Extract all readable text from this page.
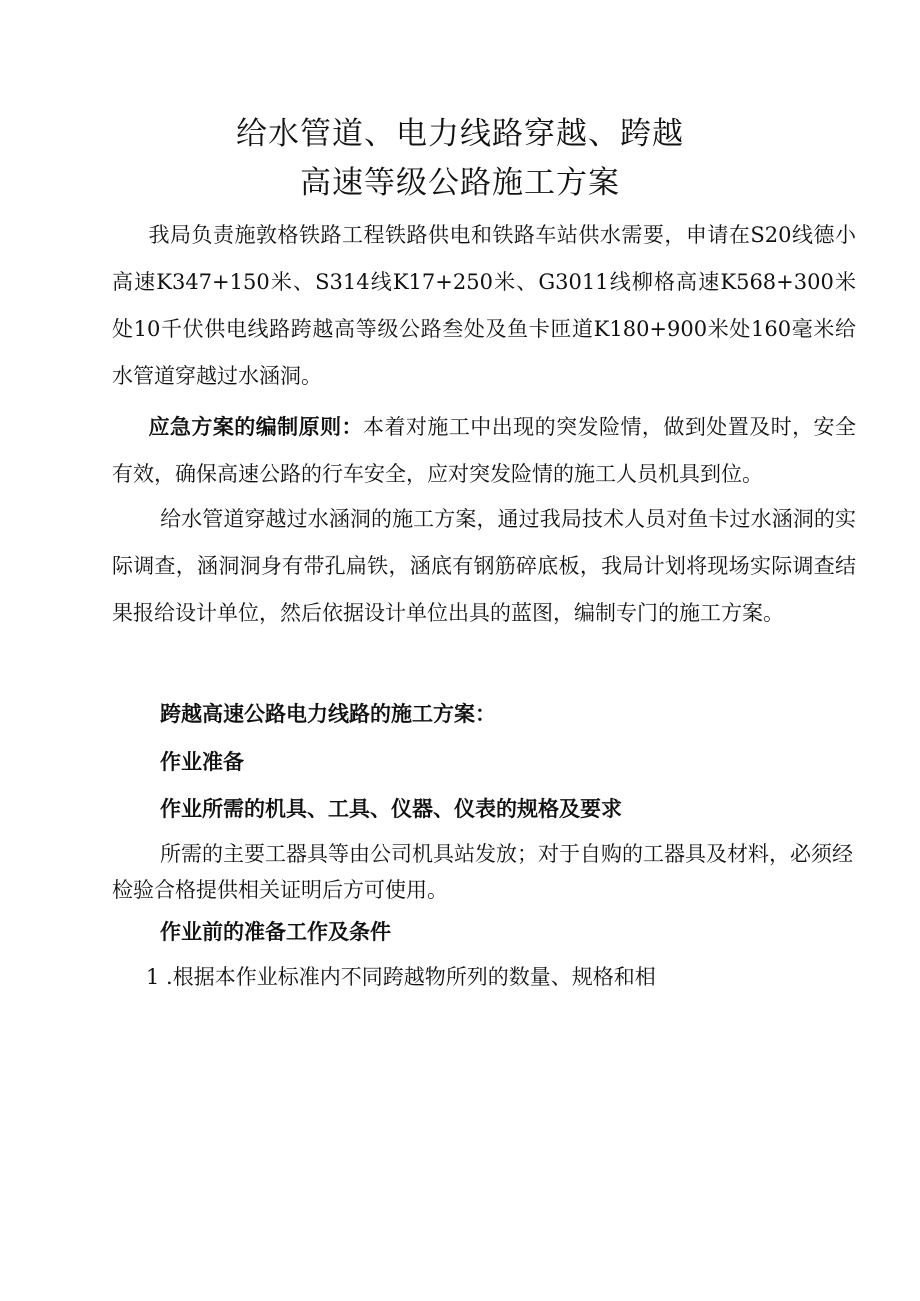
给水管道、电力线路穿越、跨越
高速等级公路施工方案

我局负责施敦格铁路工程铁路供电和铁路车站供水需要，申请在S20线德小高速K347+150米、S314线K17+250米、G3011线柳格高速K568+300米处10千伏供电线路跨越高等级公路叁处及鱼卡匝道K180+900米处160毫米给水管道穿越过水涵洞。

应急方案的编制原则：本着对施工中出现的突发险情，做到处置及时，安全有效，确保高速公路的行车安全，应对突发险情的施工人员机具到位。

给水管道穿越过水涵洞的施工方案，通过我局技术人员对鱼卡过水涵洞的实际调查，涵洞洞身有带孔扁铁，涵底有钢筋碎底板，我局计划将现场实际调查结果报给设计单位，然后依据设计单位出具的蓝图，编制专门的施工方案。

跨越高速公路电力线路的施工方案：

作业准备

作业所需的机具、工具、仪器、仪表的规格及要求

所需的主要工器具等由公司机具站发放；对于自购的工器具及材料，必须经检验合格提供相关证明后方可使用。

作业前的准备工作及条件

1 .根据本作业标准内不同跨越物所列的数量、规格和相
